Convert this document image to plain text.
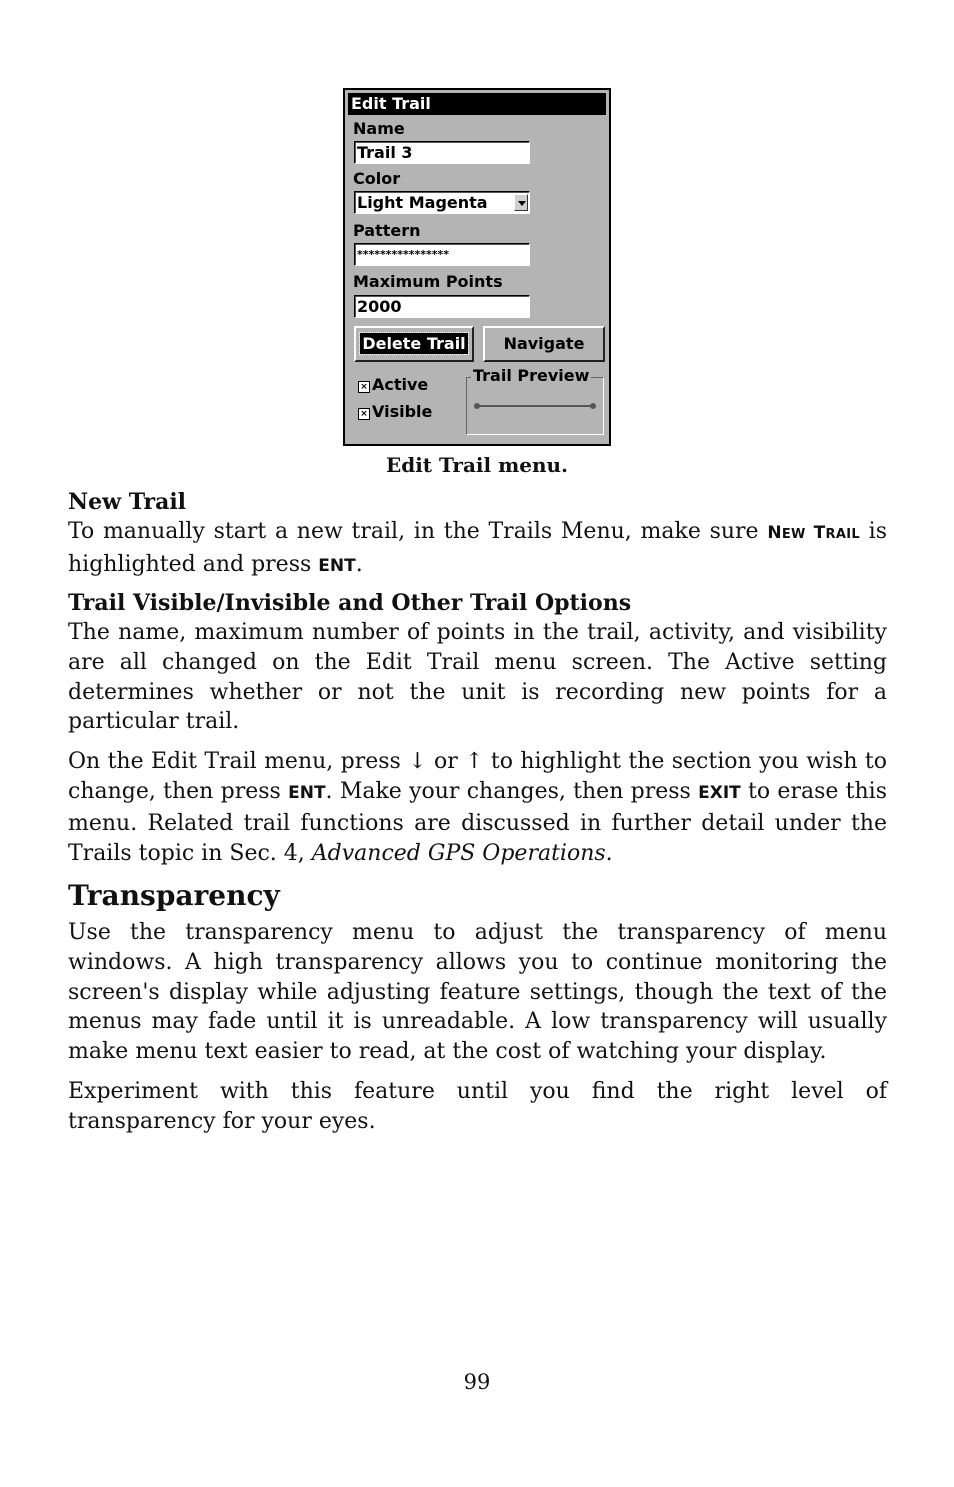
Edit Trail
Name
Trail 3
Color
Light Magenta
Pattern
****************
Maximum Points
2000
Delete Trail	Navigate
× Active
× Visible
Trail Preview
Edit Trail menu.
New Trail

To manually start a new trail, in the Trails Menu, make sure NEW TRAIL is highlighted and press ENT.

Trail Visible/Invisible and Other Trail Options

The name, maximum number of points in the trail, activity, and visibility are all changed on the Edit Trail menu screen. The Active setting determines whether or not the unit is recording new points for a particular trail.

On the Edit Trail menu, press ↓ or ↑ to highlight the section you wish to change, then press ENT. Make your changes, then press EXIT to erase this menu. Related trail functions are discussed in further detail under the Trails topic in Sec. 4, Advanced GPS Operations.

Transparency

Use the transparency menu to adjust the transparency of menu windows. A high transparency allows you to continue monitoring the screen's display while adjusting feature settings, though the text of the menus may fade until it is unreadable. A low transparency will usually make menu text easier to read, at the cost of watching your display.

Experiment with this feature until you find the right level of transparency for your eyes.

99
